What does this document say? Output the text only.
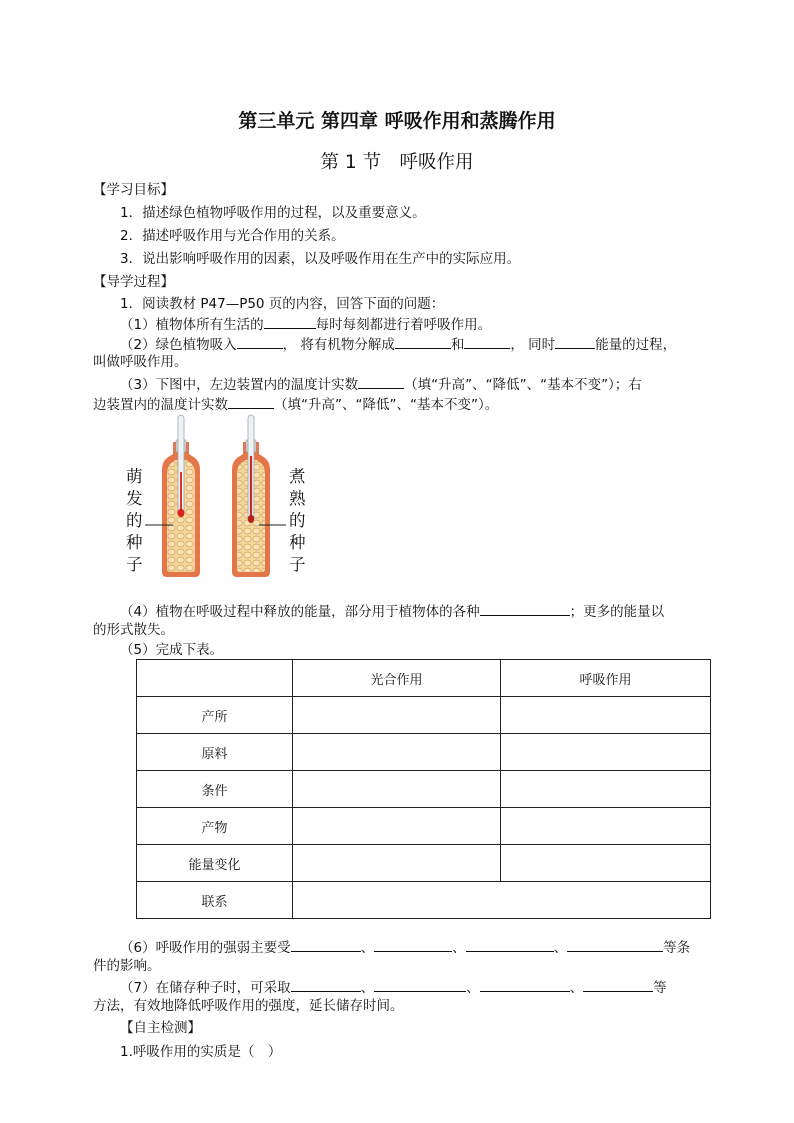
第三单元 第四章 呼吸作用和蒸腾作用
第 1 节　呼吸作用
【学习目标】
1．描述绿色植物呼吸作用的过程，以及重要意义。
2．描述呼吸作用与光合作用的关系。
3．说出影响呼吸作用的因素，以及呼吸作用在生产中的实际应用。
【导学过程】
1．阅读教材 P47—P50 页的内容，回答下面的问题：
（1）植物体所有生活的	每时每刻都进行着呼吸作用。
（2）绿色植物吸入	， 将有机物分解成	和	， 同时	能量的过程，
叫做呼吸作用。
（3）下图中，左边装置内的温度计实数	（填“升高”、“降低”、“基本不变”）；右
边装置内的温度计实数	（填“升高”、“降低”、“基本不变”）。
萌
发
的
种
子
煮
熟
的
种
子
（4）植物在呼吸过程中释放的能量，部分用于植物体的各种	；更多的能量以
的形式散失。
（5）完成下表。
	光合作用	呼吸作用
产所		
原料		
条件		
产物		
能量变化		
联系		
（6）呼吸作用的强弱主要受	、	、	、	等条
件的影响。
（7）在储存种子时，可采取	、	、	、	等
方法，有效地降低呼吸作用的强度，延长储存时间。
【自主检测】
1.呼吸作用的实质是（　）
